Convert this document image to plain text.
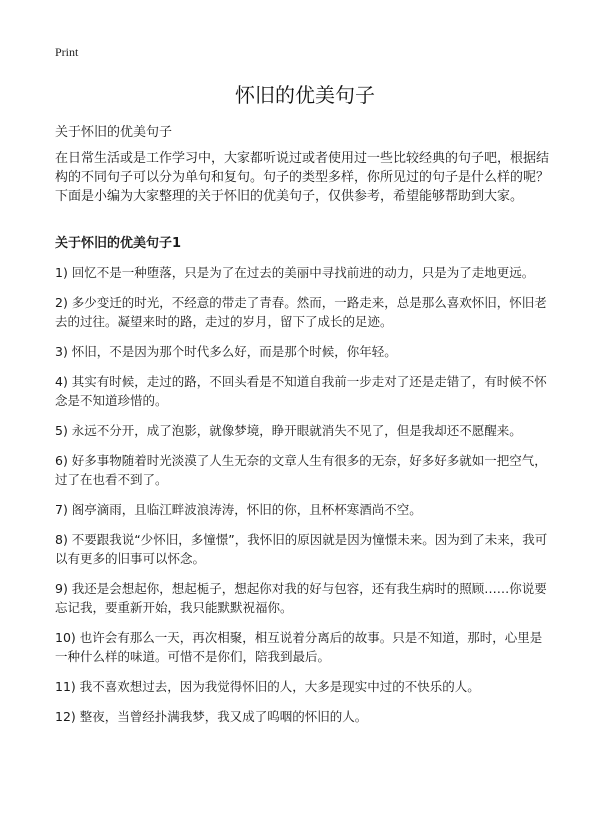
Print
怀旧的优美句子

关于怀旧的优美句子

在日常生活或是工作学习中，大家都听说过或者使用过一些比较经典的句子吧，根据结构的不同句子可以分为单句和复句。句子的类型多样，你所见过的句子是什么样的呢？下面是小编为大家整理的关于怀旧的优美句子，仅供参考，希望能够帮助到大家。

关于怀旧的优美句子1
1) 回忆不是一种堕落，只是为了在过去的美丽中寻找前进的动力，只是为了走地更远。
2) 多少变迁的时光，不经意的带走了青春。然而，一路走来，总是那么喜欢怀旧，怀旧老去的过往。凝望来时的路，走过的岁月，留下了成长的足迹。
3) 怀旧，不是因为那个时代多么好，而是那个时候，你年轻。
4) 其实有时候，走过的路，不回头看是不知道自我前一步走对了还是走错了，有时候不怀念是不知道珍惜的。
5) 永远不分开，成了泡影，就像梦境，睁开眼就消失不见了，但是我却还不愿醒来。
6) 好多事物随着时光淡漠了人生无奈的文章人生有很多的无奈，好多好多就如一把空气，过了在也看不到了。
7) 阁亭滴雨，且临江畔波浪涛涛，怀旧的你，且杯杯寒酒尚不空。
8) 不要跟我说“少怀旧，多憧憬”，我怀旧的原因就是因为憧憬未来。因为到了未来，我可以有更多的旧事可以怀念。
9) 我还是会想起你，想起栀子，想起你对我的好与包容，还有我生病时的照顾……你说要忘记我，要重新开始，我只能默默祝福你。
10) 也许会有那么一天，再次相聚，相互说着分离后的故事。只是不知道，那时，心里是一种什么样的味道。可惜不是你们，陪我到最后。
11) 我不喜欢想过去，因为我觉得怀旧的人，大多是现实中过的不快乐的人。
12) 整夜，当曾经扑满我梦，我又成了呜咽的怀旧的人。
